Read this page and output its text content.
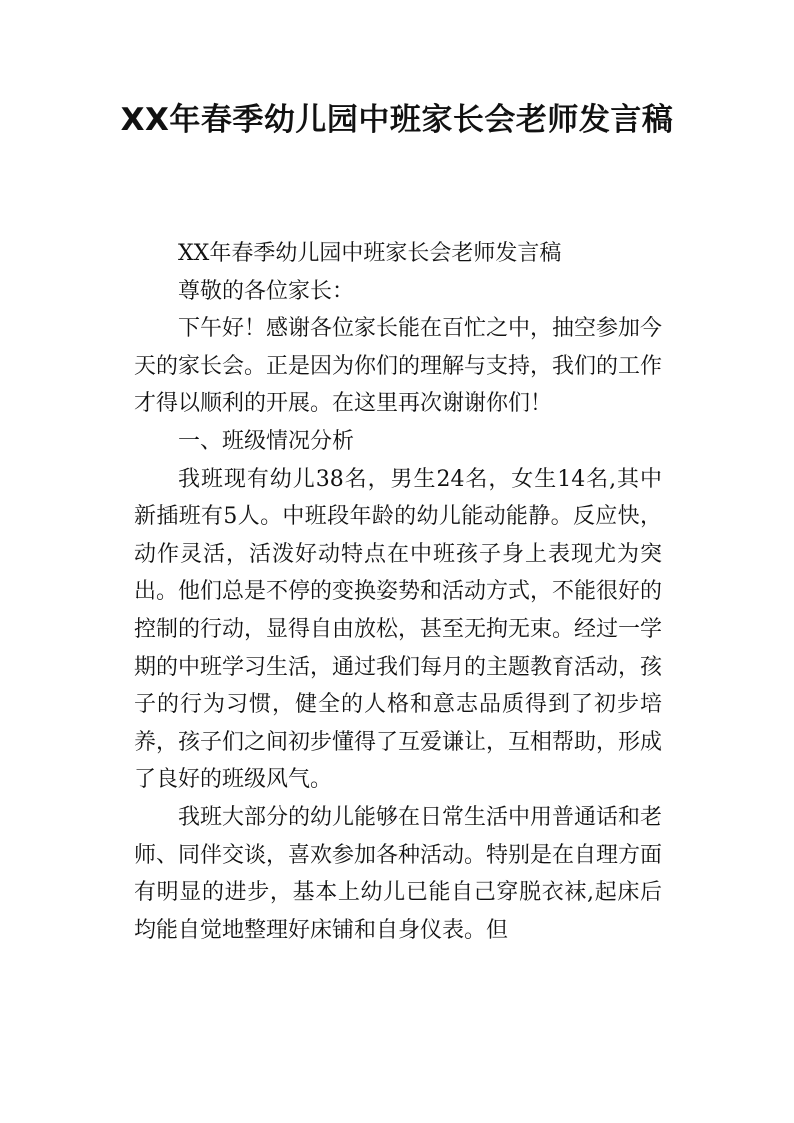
XX年春季幼儿园中班家长会老师发言稿

XX年春季幼儿园中班家长会老师发言稿

尊敬的各位家长：

下午好！感谢各位家长能在百忙之中，抽空参加今天的家长会。正是因为你们的理解与支持，我们的工作才得以顺利的开展。在这里再次谢谢你们！

一、班级情况分析

我班现有幼儿38名，男生24名，女生14名,其中新插班有5人。中班段年龄的幼儿能动能静。反应快，动作灵活，活泼好动特点在中班孩子身上表现尤为突出。他们总是不停的变换姿势和活动方式，不能很好的控制的行动，显得自由放松，甚至无拘无束。经过一学期的中班学习生活，通过我们每月的主题教育活动，孩子的行为习惯，健全的人格和意志品质得到了初步培养，孩子们之间初步懂得了互爱谦让，互相帮助，形成了良好的班级风气。

我班大部分的幼儿能够在日常生活中用普通话和老师、同伴交谈，喜欢参加各种活动。特别是在自理方面有明显的进步，基本上幼儿已能自己穿脱衣袜,起床后均能自觉地整理好床铺和自身仪表。但
